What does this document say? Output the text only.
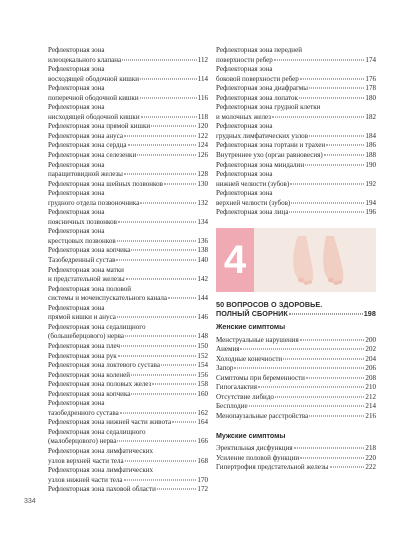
Рефлекторная зона
илеоцекального клапана	112
Рефлекторная зона
восходящей ободочной кишки	114
Рефлекторная зона
поперечной ободочной кишки	116
Рефлекторная зона
нисходящей ободочной кишки	118
Рефлекторная зона прямой кишки	120
Рефлекторная зона ануса	122
Рефлекторная зона сердца	124
Рефлекторная зона селезенки	126
Рефлекторная зона
паращитовидной железы	128
Рефлекторная зона шейных позвонков	130
Рефлекторная зона
грудного отдела позвоночника	132
Рефлекторная зона
поясничных позвонков	134
Рефлекторная зона
крестцовых позвонков	136
Рефлекторная зона копчика	138
Тазобедренный сустав	140
Рефлекторная зона матки
и предстательной железы	142
Рефлекторная зона половой
системы и мочеиспускательного канала	144
Рефлекторная зона
прямой кишки и ануса	146
Рефлекторная зона седалищного
(большеберцового) нерва	148
Рефлекторная зона плеч	150
Рефлекторная зона рук	152
Рефлекторная зона локтевого сустава	154
Рефлекторная зона коленей	156
Рефлекторная зона половых желез	158
Рефлекторная зона копчика	160
Рефлекторная зона
тазобедренного сустава	162
Рефлекторная зона нижней части живота	164
Рефлекторная зона седалищного
(малоберцового) нерва	166
Рефлекторная зона лимфатических
узлов верхней части тела	168
Рефлекторная зона лимфатических
узлов нижней части тела	170
Рефлекторная зона паховой области	172
Рефлекторная зона передней
поверхности ребер	174
Рефлекторная зона
боковой поверхности ребер	176
Рефлекторная зона диафрагмы	178
Рефлекторная зона лопаток	180
Рефлекторная зона грудной клетки
и молочных желез	182
Рефлекторная зона
грудных лимфатических узлов	184
Рефлекторная зона гортани и трахеи	186
Внутреннее ухо (орган равновесия)	188
Рефлекторная зона миндалин	190
Рефлекторная зона
нижней челюсти (зубов)	192
Рефлекторная зона
верхней челюсти (зубов)	194
Рефлекторная зона лица	196
4
50 ВОПРОСОВ О ЗДОРОВЬЕ.
ПОЛНЫЙ СБОРНИК	198
Женские симптомы
Менструальные нарушения	200
Анемия	202
Холодные конечности	204
Запор	206
Симптомы при беременности	208
Гипогалактия	210
Отсутствие либидо	212
Бесплодие	214
Менопаузальные расстройства	216
Мужские симптомы
Эректильная дисфункция	218
Усиление половой функции	220
Гипертрофия предстательной железы	222
334
